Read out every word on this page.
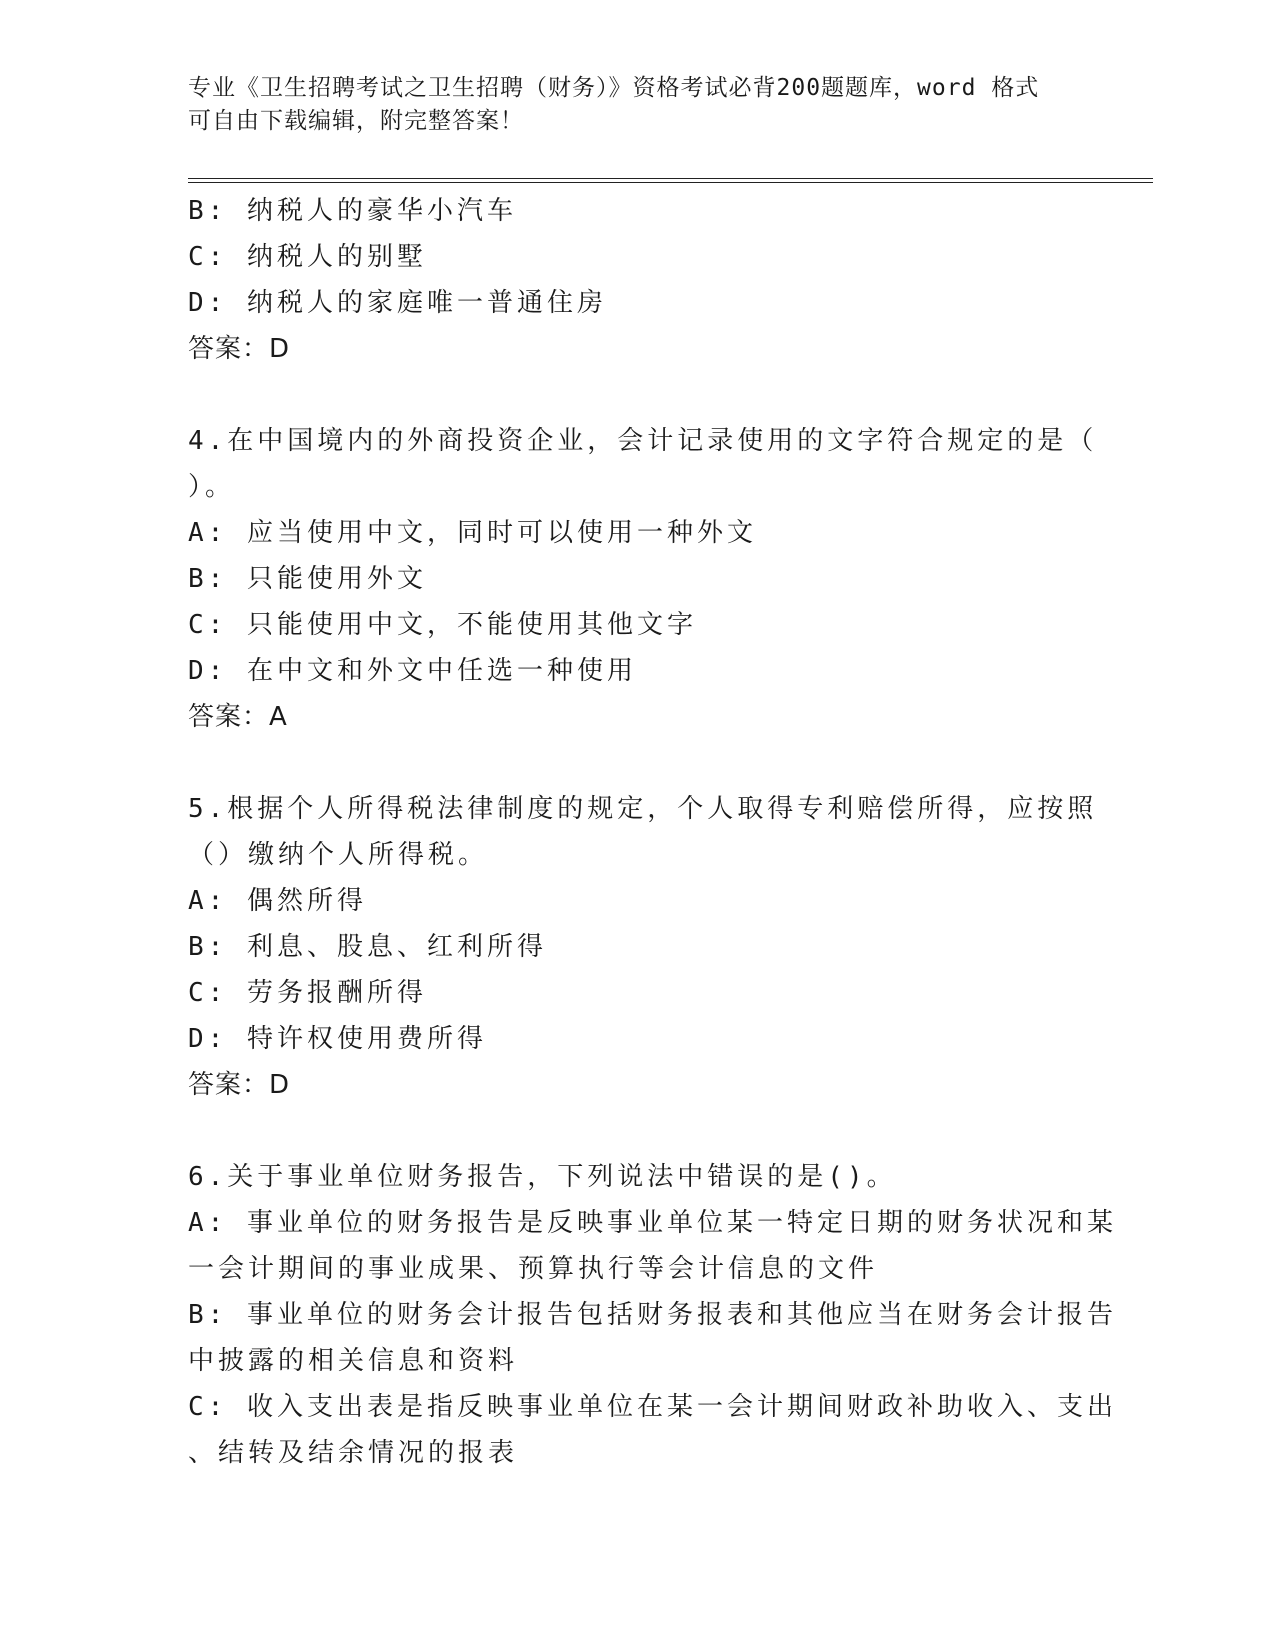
专业《卫生招聘考试之卫生招聘（财务）》资格考试必背200题题库，word 格式
可自由下载编辑，附完整答案！
B: 纳税人的豪华小汽车
C: 纳税人的别墅
D: 纳税人的家庭唯一普通住房
答案：D
4.在中国境内的外商投资企业，会计记录使用的文字符合规定的是（
）。
A: 应当使用中文，同时可以使用一种外文
B: 只能使用外文
C: 只能使用中文，不能使用其他文字
D: 在中文和外文中任选一种使用
答案：A
5.根据个人所得税法律制度的规定，个人取得专利赔偿所得，应按照
（）缴纳个人所得税。
A: 偶然所得
B: 利息、股息、红利所得
C: 劳务报酬所得
D: 特许权使用费所得
答案：D
6.关于事业单位财务报告，下列说法中错误的是()。
A: 事业单位的财务报告是反映事业单位某一特定日期的财务状况和某
一会计期间的事业成果、预算执行等会计信息的文件
B: 事业单位的财务会计报告包括财务报表和其他应当在财务会计报告
中披露的相关信息和资料
C: 收入支出表是指反映事业单位在某一会计期间财政补助收入、支出
、结转及结余情况的报表
